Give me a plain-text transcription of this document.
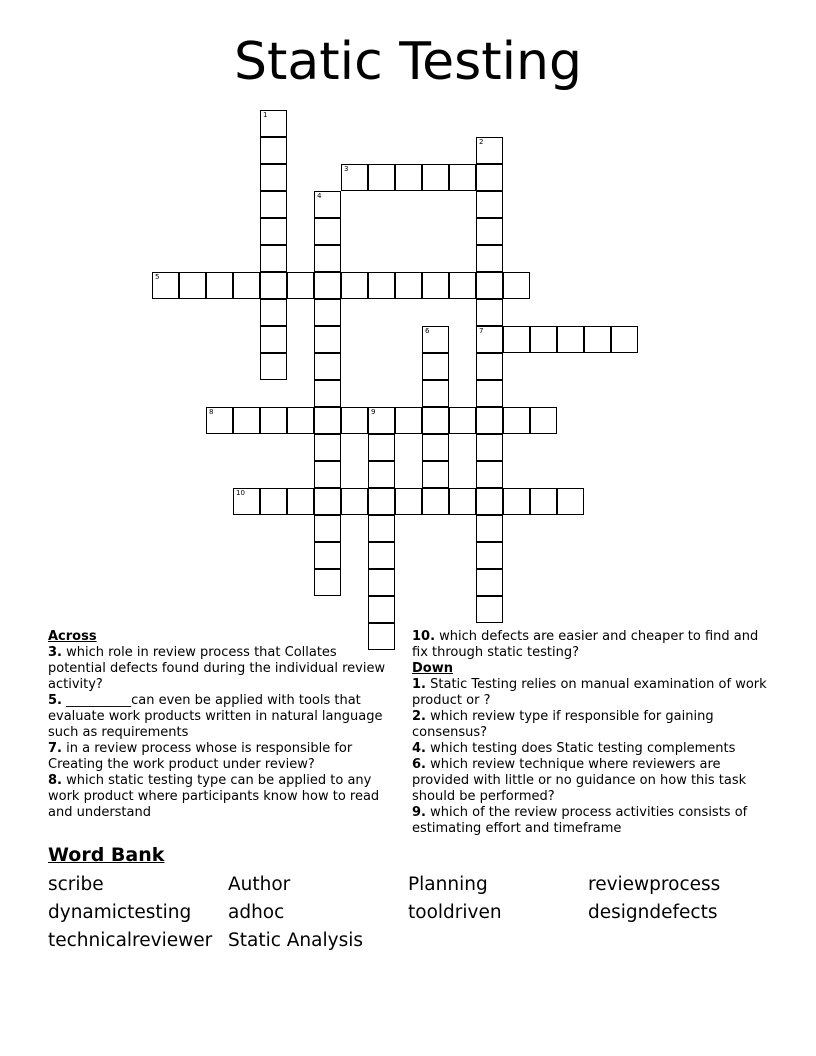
Static Testing
1
2
7
3
4
5
6
8	9
10
Across
3. which role in review process that Collates potential defects found during the individual review activity?
5. __________can even be applied with tools that evaluate work products written in natural language such as requirements
7. in a review process whose is responsible for Creating the work product under review?
8. which static testing type can be applied to any work product where participants know how to read and understand
10. which defects are easier and cheaper to find and fix through static testing?
Down
1. Static Testing relies on manual examination of work product or ?
2. which review type if responsible for gaining consensus?
4. which testing does Static testing complements
6. which review technique where reviewers are provided with little or no guidance on how this task should be performed?
9. which of the review process activities consists of estimating effort and timeframe
Word Bank
scribe	Author	Planning	reviewprocess
dynamictesting adhoc	tooldriven	designdefects
technicalreviewer Static Analysis
